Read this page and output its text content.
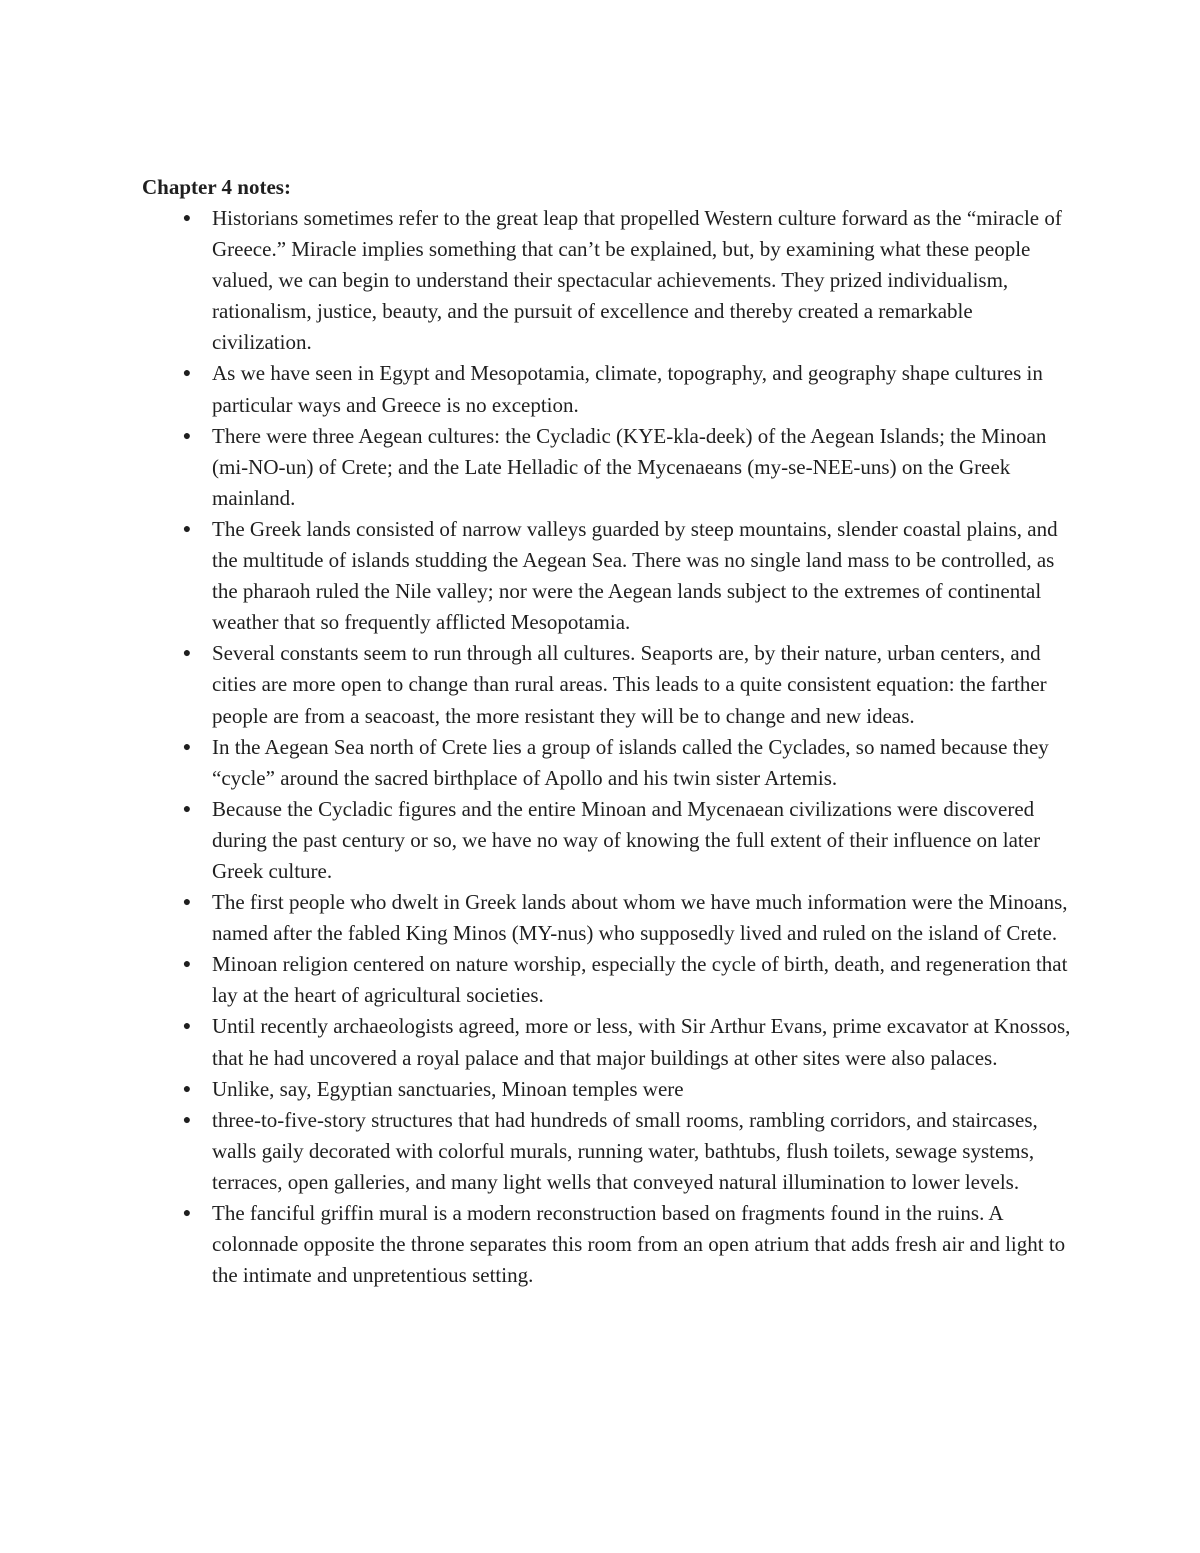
Chapter 4 notes:
● Historians sometimes refer to the great leap that propelled Western culture forward as the “miracle of Greece.” Miracle implies something that can’t be explained, but, by examining what these people valued, we can begin to understand their spectacular achievements. They prized individualism, rationalism, justice, beauty, and the pursuit of excellence and thereby created a remarkable civilization.
● As we have seen in Egypt and Mesopotamia, climate, topography, and geography shape cultures in particular ways and Greece is no exception.
● There were three Aegean cultures: the Cycladic (KYE-kla-deek) of the Aegean Islands; the Minoan (mi-NO-un) of Crete; and the Late Helladic of the Mycenaeans (my-se-NEE-uns) on the Greek mainland.
● The Greek lands consisted of narrow valleys guarded by steep mountains, slender coastal plains, and the multitude of islands studding the Aegean Sea. There was no single land mass to be controlled, as the pharaoh ruled the Nile valley; nor were the Aegean lands subject to the extremes of continental weather that so frequently afflicted Mesopotamia.
● Several constants seem to run through all cultures. Seaports are, by their nature, urban centers, and cities are more open to change than rural areas. This leads to a quite consistent equation: the farther people are from a seacoast, the more resistant they will be to change and new ideas.
● In the Aegean Sea north of Crete lies a group of islands called the Cyclades, so named because they “cycle” around the sacred birthplace of Apollo and his twin sister Artemis.
● Because the Cycladic figures and the entire Minoan and Mycenaean civilizations were discovered during the past century or so, we have no way of knowing the full extent of their influence on later Greek culture.
● The first people who dwelt in Greek lands about whom we have much information were the Minoans, named after the fabled King Minos (MY-nus) who supposedly lived and ruled on the island of Crete.
● Minoan religion centered on nature worship, especially the cycle of birth, death, and regeneration that lay at the heart of agricultural societies.
● Until recently archaeologists agreed, more or less, with Sir Arthur Evans, prime excavator at Knossos, that he had uncovered a royal palace and that major buildings at other sites were also palaces.
● Unlike, say, Egyptian sanctuaries, Minoan temples were
● three-to-five-story structures that had hundreds of small rooms, rambling corridors, and staircases, walls gaily decorated with colorful murals, running water, bathtubs, flush toilets, sewage systems, terraces, open galleries, and many light wells that conveyed natural illumination to lower levels.
● The fanciful griffin mural is a modern reconstruction based on fragments found in the ruins. A colonnade opposite the throne separates this room from an open atrium that adds fresh air and light to the intimate and unpretentious setting.
